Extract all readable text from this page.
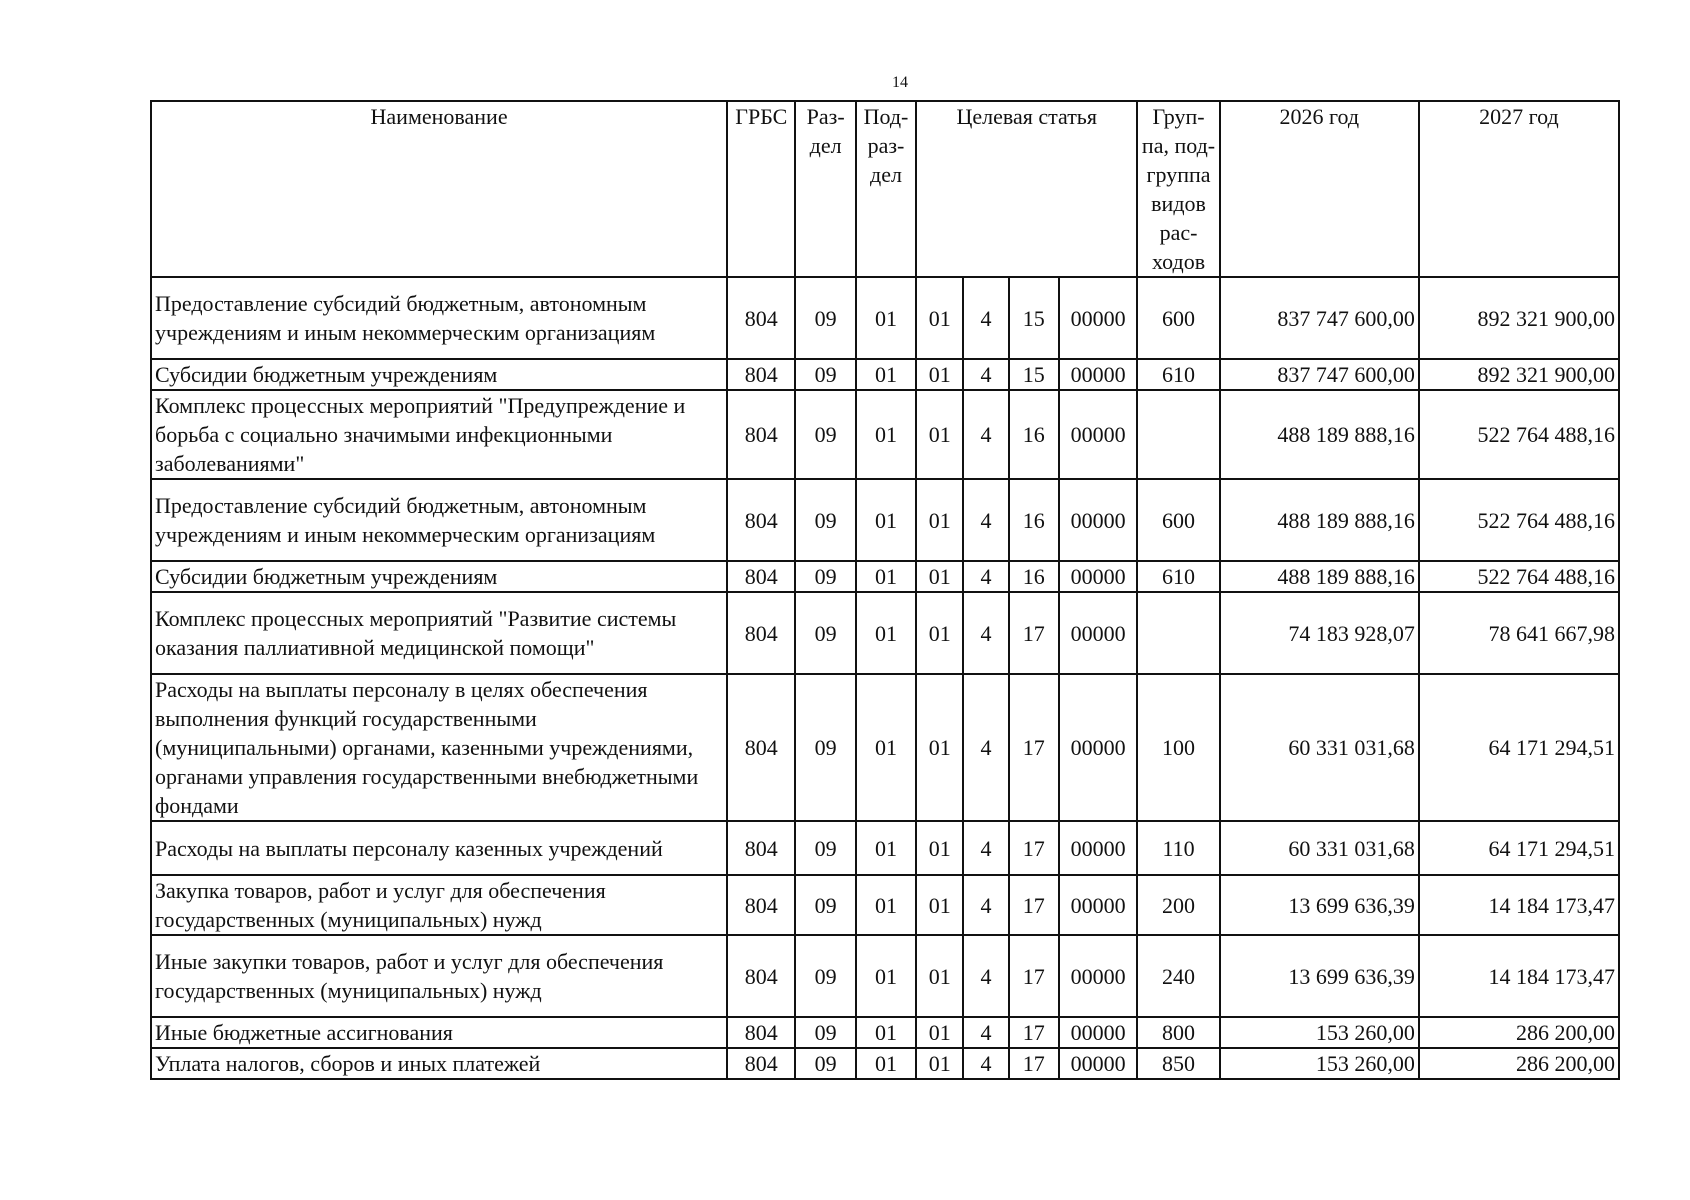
14
Наименование	ГРБС	Раз-дел	Под-раз-дел	Целевая статья				Груп-па, под-группа видов рас-ходов	2026 год	2027 год
Предоставление субсидий бюджетным, автономным учреждениям и иным некоммерческим организациям	804	09	01	01	4	15	00000	600	837 747 600,00	892 321 900,00
Субсидии бюджетным учреждениям	804	09	01	01	4	15	00000	610	837 747 600,00	892 321 900,00
Комплекс процессных мероприятий "Предупреждение и борьба с социально значимыми инфекционными заболеваниями"	804	09	01	01	4	16	00000		488 189 888,16	522 764 488,16
Предоставление субсидий бюджетным, автономным учреждениям и иным некоммерческим организациям	804	09	01	01	4	16	00000	600	488 189 888,16	522 764 488,16
Субсидии бюджетным учреждениям	804	09	01	01	4	16	00000	610	488 189 888,16	522 764 488,16
Комплекс процессных мероприятий "Развитие системы оказания паллиативной медицинской помощи"	804	09	01	01	4	17	00000		74 183 928,07	78 641 667,98
Расходы на выплаты персоналу в целях обеспечения выполнения функций государственными (муниципальными) органами, казенными учреждениями, органами управления государственными внебюджетными фондами	804	09	01	01	4	17	00000	100	60 331 031,68	64 171 294,51
Расходы на выплаты персоналу казенных учреждений	804	09	01	01	4	17	00000	110	60 331 031,68	64 171 294,51
Закупка товаров, работ и услуг для обеспечения государственных (муниципальных) нужд	804	09	01	01	4	17	00000	200	13 699 636,39	14 184 173,47
Иные закупки товаров, работ и услуг для обеспечения государственных (муниципальных) нужд	804	09	01	01	4	17	00000	240	13 699 636,39	14 184 173,47
Иные бюджетные ассигнования	804	09	01	01	4	17	00000	800	153 260,00	286 200,00
Уплата налогов, сборов и иных платежей	804	09	01	01	4	17	00000	850	153 260,00	286 200,00
